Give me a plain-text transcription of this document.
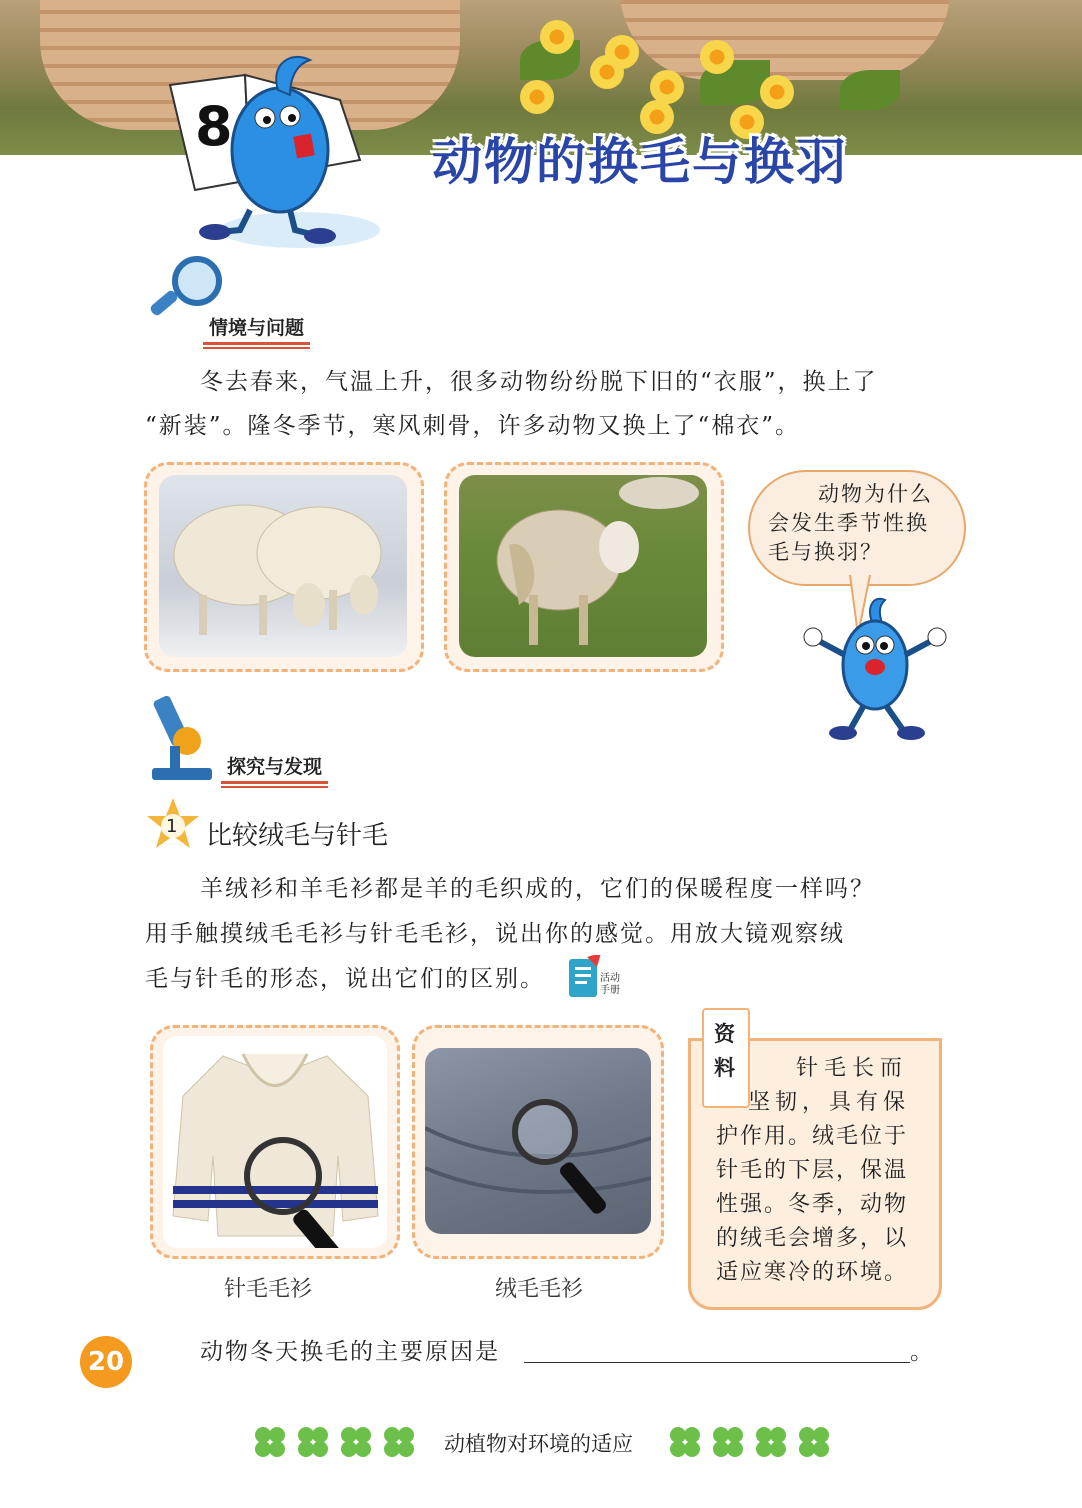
8
动物的换毛与换羽
情境与问题
冬去春来，气温上升，很多动物纷纷脱下旧的“衣服”，换上了
“新装”。隆冬季节，寒风刺骨，许多动物又换上了“棉衣”。
动物为什么
会发生季节性换
毛与换羽？
探究与发现
1 比较绒毛与针毛
羊绒衫和羊毛衫都是羊的毛织成的，它们的保暖程度一样吗？
用手触摸绒毛毛衫与针毛毛衫，说出你的感觉。用放大镜观察绒
毛与针毛的形态，说出它们的区别。	活动
手册
针毛毛衫	绒毛毛衫
资
料	针毛长而
坚韧，具有保
护作用。绒毛位于
针毛的下层，保温
性强。冬季，动物
的绒毛会增多，以
适应寒冷的环境。
20	动物冬天换毛的主要原因是	。
动植物对环境的适应
